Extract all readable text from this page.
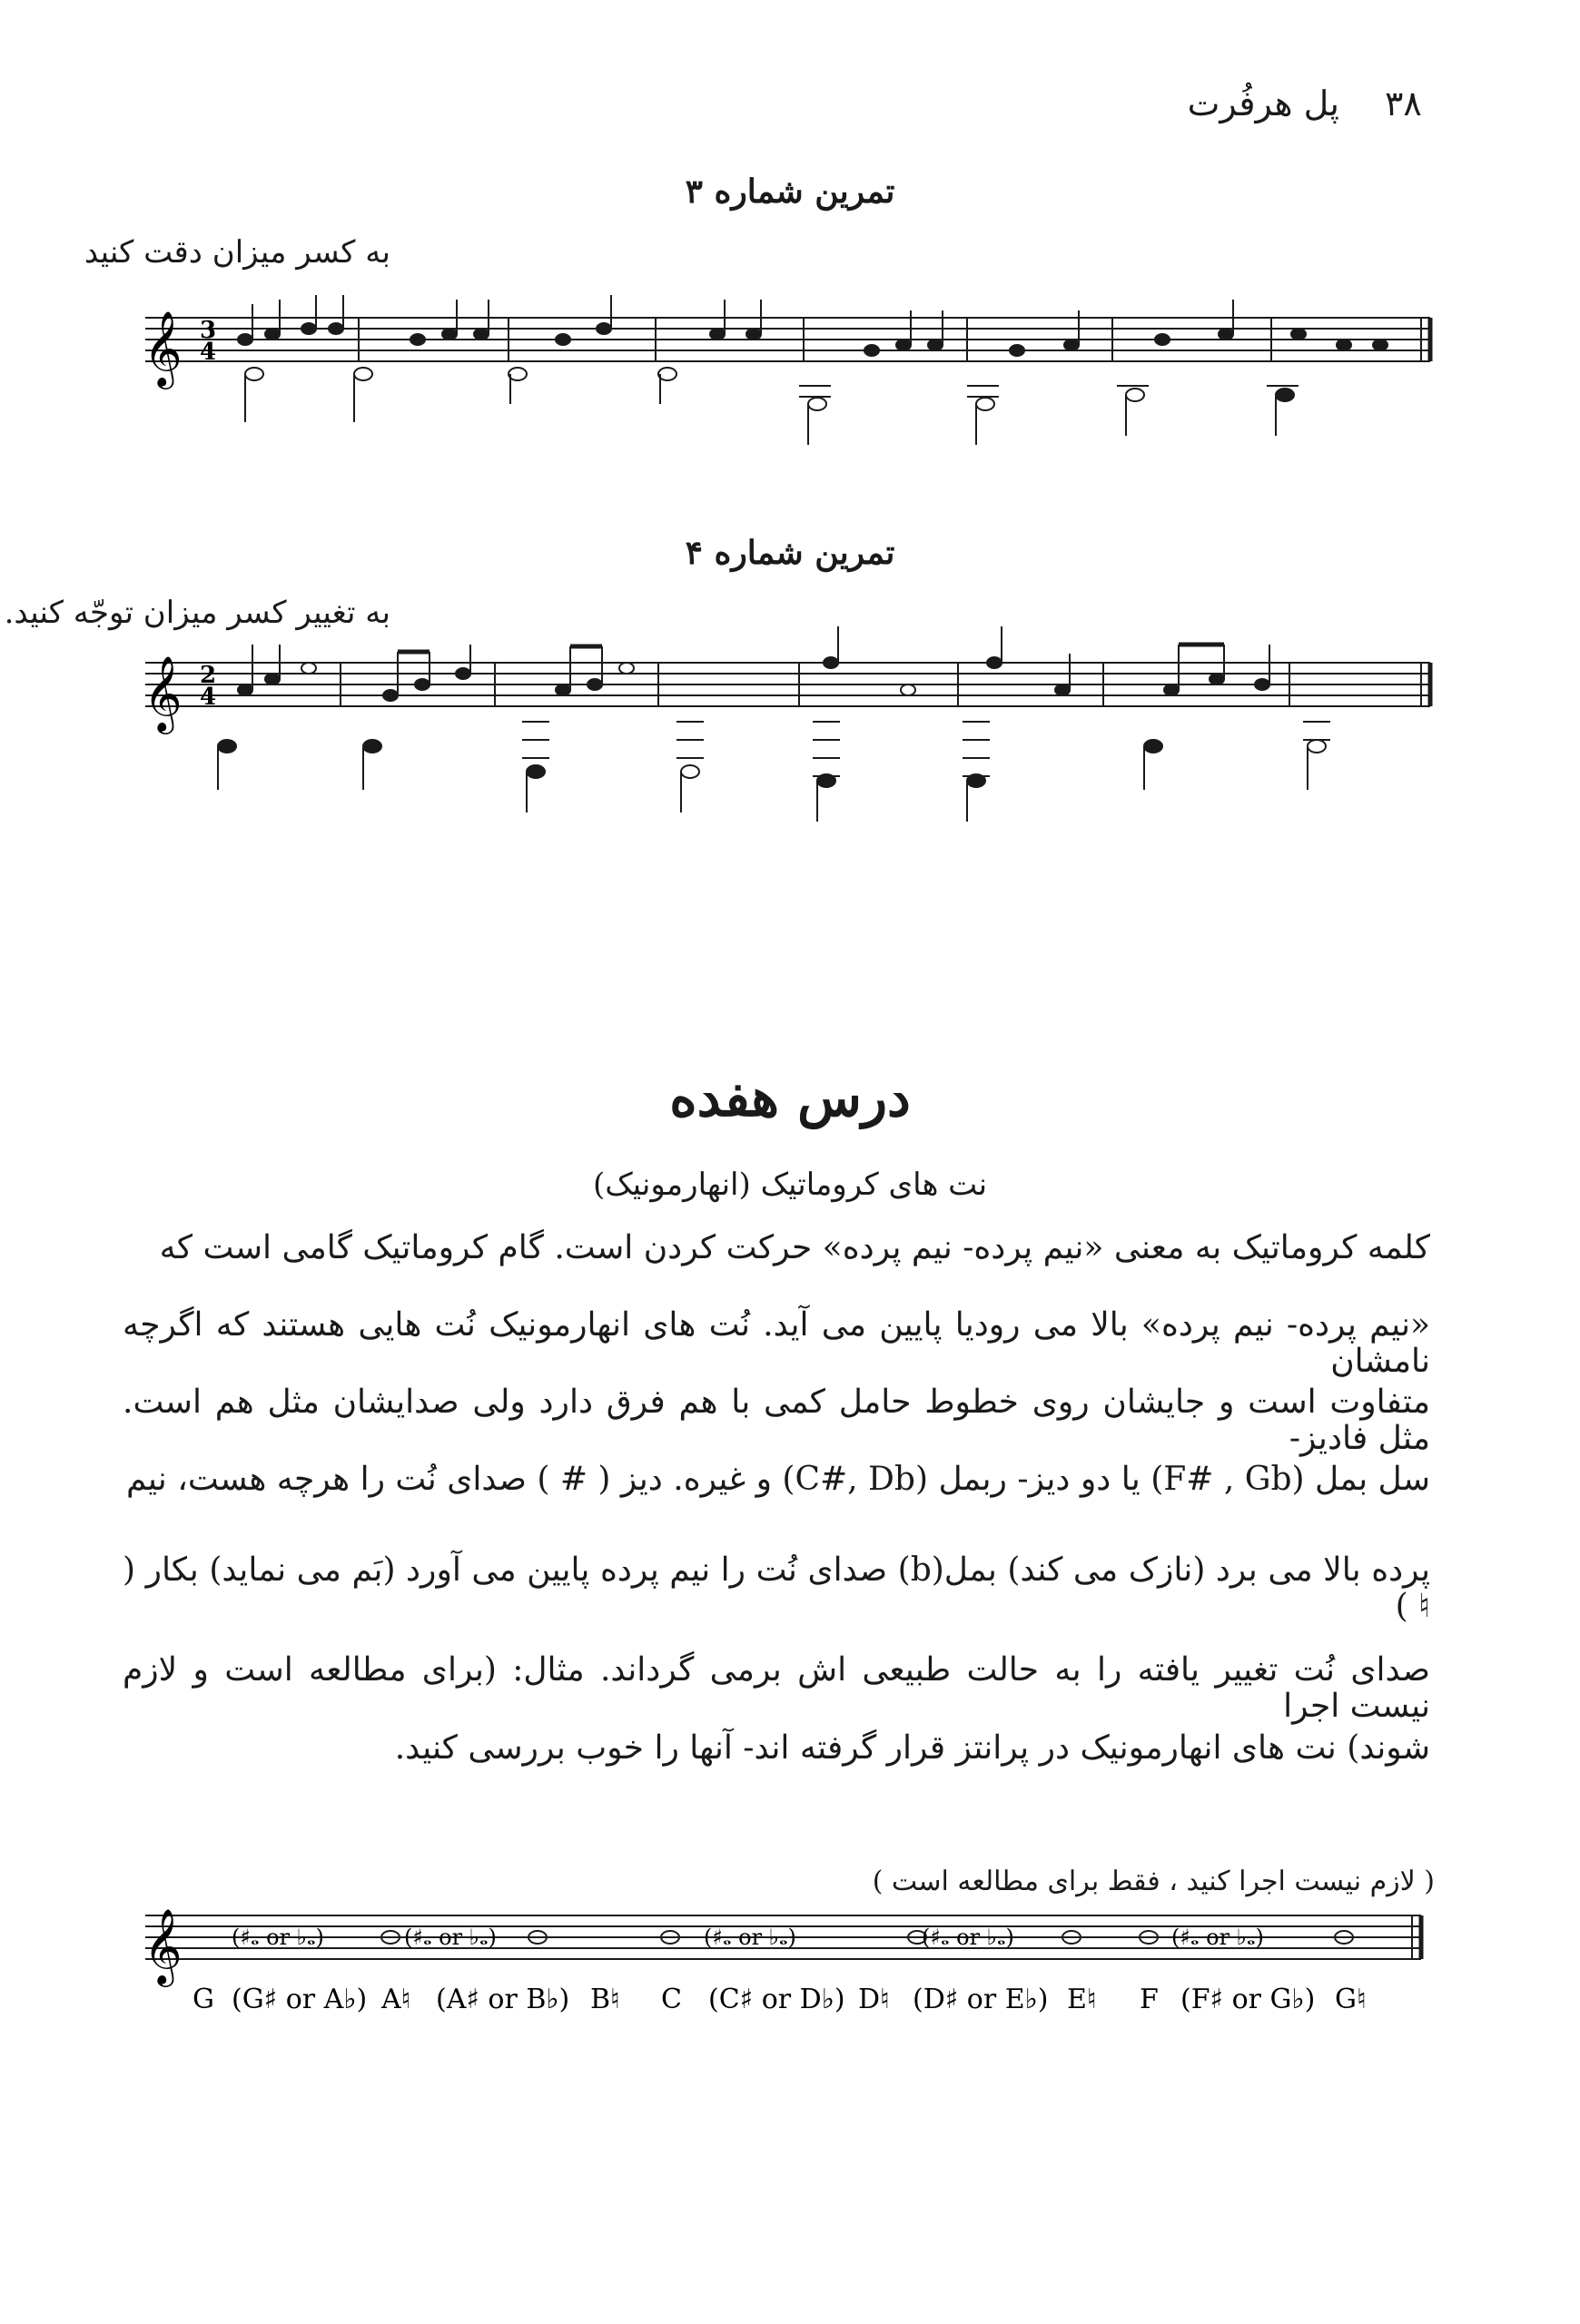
۳۸
پل هرفُرت
تمرین شماره ۳
به کسر میزان دقت کنید
𝄞 3
4
تمرین شماره ۴
به تغییر کسر میزان توجّه کنید.
𝄞 2
4
درس هفده
نت های کروماتیک (انهارمونیک)
کلمه کروماتیک به معنی «نیم پرده- نیم پرده» حرکت کردن است. گام کروماتیک گامی است که
«نیم پرده- نیم پرده» بالا می رودیا پایین می آید. نُت های انهارمونیک نُت هایی هستند که اگرچه نامشان
متفاوت است و جایشان روی خطوط حامل کمی با هم فرق دارد ولی صدایشان مثل هم است. مثل فادیز-
سل بمل (F# , Gb) یا دو دیز- ربمل (C#, Db) و غیره. دیز ( # ) صدای نُت را هرچه هست، نیم
پرده بالا می برد (نازک می کند) بمل(b) صدای نُت را نیم پرده پایین می آورد (بَم می نماید) بکار ( ♮ )
صدای نُت تغییر یافته را به حالت طبیعی اش برمی گرداند. مثال: (برای مطالعه است و لازم نیست اجرا
شوند) نت های انهارمونیک در پرانتز قرار گرفته اند- آنها را خوب بررسی کنید.
( لازم نیست اجرا کنید ، فقط برای مطالعه است )
𝄞 (♯𝅝 or ♭𝅝)	(♯𝅝 or ♭𝅝)	(♯𝅝 or ♭𝅝)	(♯𝅝 or ♭𝅝)	(♯𝅝 or ♭𝅝)
G (G♯ or A♭) A♮ (A♯ or B♭) B♮ C (C♯ or D♭) D♮ (D♯ or E♭) E♮ F (F♯ or G♭) G♮
